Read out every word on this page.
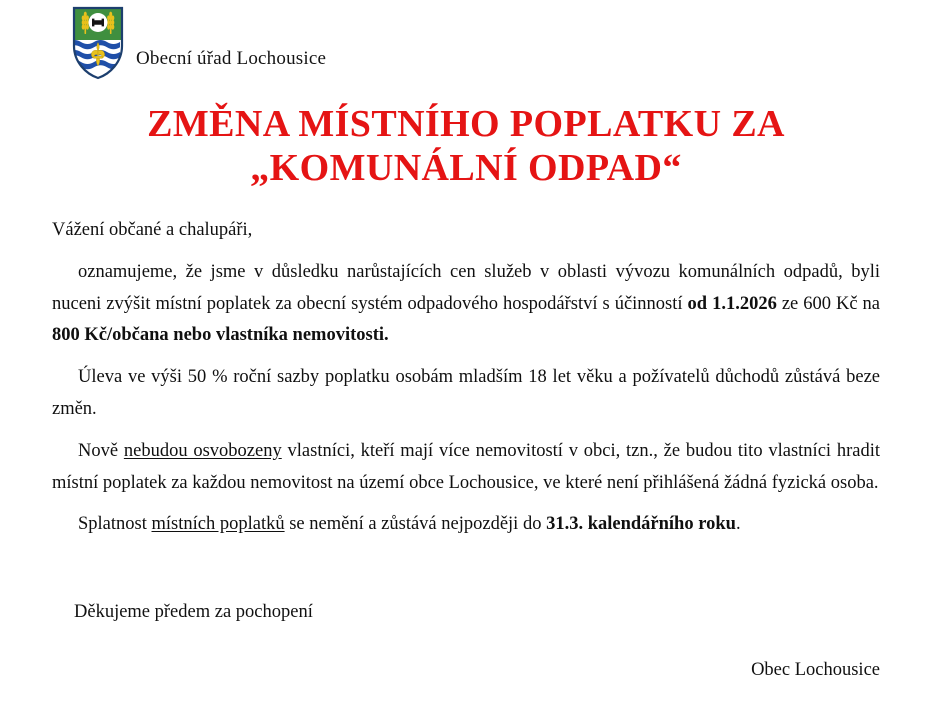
Obecní úřad Lochousice
ZMĚNA MÍSTNÍHO POPLATKU ZA
„KOMUNÁLNÍ ODPAD“

Vážení občané a chalupáři,

oznamujeme, že jsme v důsledku narůstajících cen služeb v oblasti vývozu komunálních odpadů, byli nuceni zvýšit místní poplatek za obecní systém odpadového hospodářství s účinností od 1.1.2026 ze 600 Kč na 800 Kč/občana nebo vlastníka nemovitosti.

Úleva ve výši 50 % roční sazby poplatku osobám mladším 18 let věku a požívatelů důchodů zůstává beze změn.

Nově nebudou osvobozeny vlastníci, kteří mají více nemovitostí v obci, tzn., že budou tito vlastníci hradit místní poplatek za každou nemovitost na území obce Lochousice, ve které není přihlášená žádná fyzická osoba.

Splatnost místních poplatků se nemění a zůstává nejpozději do 31.3. kalendářního roku.

Děkujeme předem za pochopení

Obec Lochousice
